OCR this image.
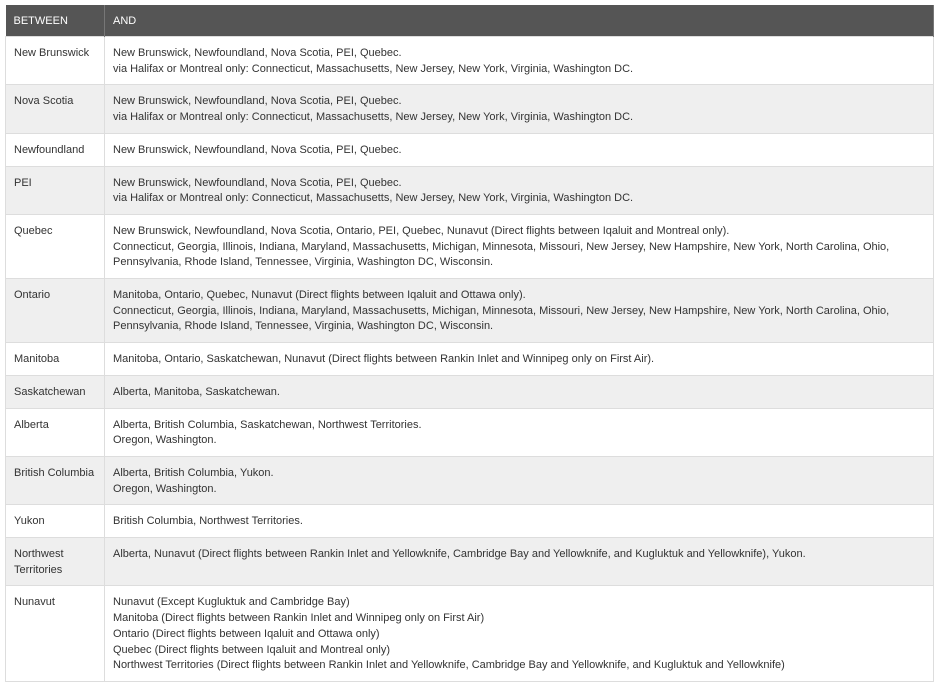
BETWEEN	AND
New Brunswick	New Brunswick, Newfoundland, Nova Scotia, PEI, Quebec.
via Halifax or Montreal only: Connecticut, Massachusetts, New Jersey, New York, Virginia, Washington DC.

Nova Scotia	New Brunswick, Newfoundland, Nova Scotia, PEI, Quebec.
via Halifax or Montreal only: Connecticut, Massachusetts, New Jersey, New York, Virginia, Washington DC.

Newfoundland	New Brunswick, Newfoundland, Nova Scotia, PEI, Quebec.

PEI	New Brunswick, Newfoundland, Nova Scotia, PEI, Quebec.
via Halifax or Montreal only: Connecticut, Massachusetts, New Jersey, New York, Virginia, Washington DC.

Quebec	New Brunswick, Newfoundland, Nova Scotia, Ontario, PEI, Quebec, Nunavut (Direct flights between Iqaluit and Montreal only).
Connecticut, Georgia, Illinois, Indiana, Maryland, Massachusetts, Michigan, Minnesota, Missouri, New Jersey, New Hampshire, New York, North Carolina, Ohio, Pennsylvania, Rhode Island, Tennessee, Virginia, Washington DC, Wisconsin.

Ontario	Manitoba, Ontario, Quebec, Nunavut (Direct flights between Iqaluit and Ottawa only).
Connecticut, Georgia, Illinois, Indiana, Maryland, Massachusetts, Michigan, Minnesota, Missouri, New Jersey, New Hampshire, New York, North Carolina, Ohio, Pennsylvania, Rhode Island, Tennessee, Virginia, Washington DC, Wisconsin.

Manitoba	Manitoba, Ontario, Saskatchewan, Nunavut (Direct flights between Rankin Inlet and Winnipeg only on First Air).

Saskatchewan	Alberta, Manitoba, Saskatchewan.

Alberta	Alberta, British Columbia, Saskatchewan, Northwest Territories.
Oregon, Washington.

British Columbia	Alberta, British Columbia, Yukon.
Oregon, Washington.

Yukon	British Columbia, Northwest Territories.

Northwest Territories	Alberta, Nunavut (Direct flights between Rankin Inlet and Yellowknife, Cambridge Bay and Yellowknife, and Kugluktuk and Yellowknife), Yukon.

Nunavut	Nunavut (Except Kugluktuk and Cambridge Bay)
Manitoba (Direct flights between Rankin Inlet and Winnipeg only on First Air)
Ontario (Direct flights between Iqaluit and Ottawa only)
Quebec (Direct flights between Iqaluit and Montreal only)
Northwest Territories (Direct flights between Rankin Inlet and Yellowknife, Cambridge Bay and Yellowknife, and Kugluktuk and Yellowknife)
